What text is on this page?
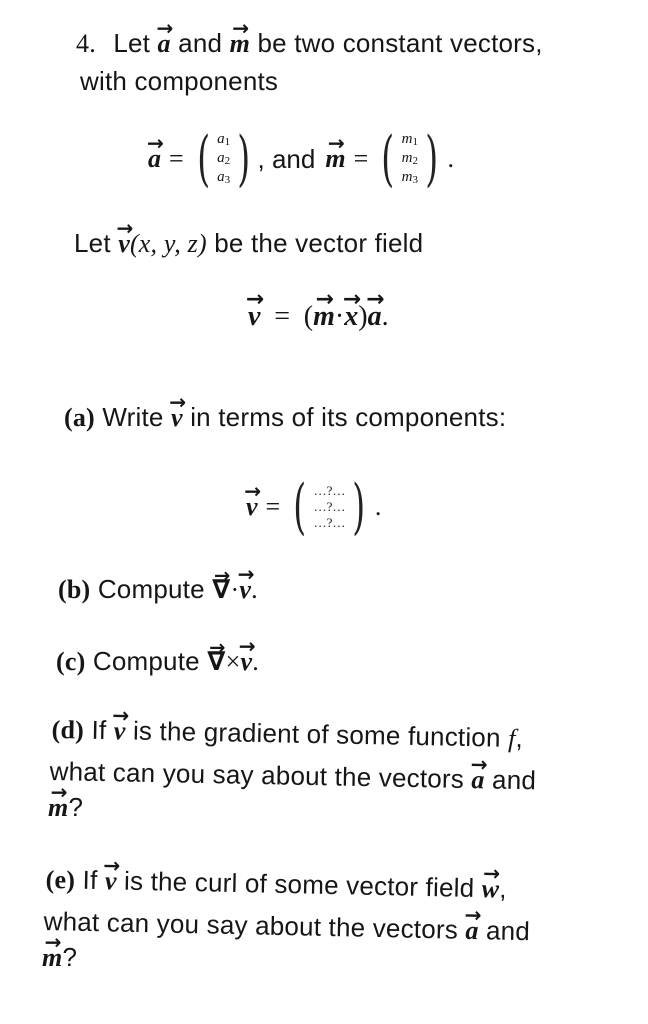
4. Let → a and → m be two constant vectors,
with components
→ a = ( $a_1$
$a_2$
$a_3$ ) , and → m = ( $m_1$
$m_2$
$m_3$ ) .
Let → v(x, y, z) be the vector field
→ v = (→ m·→ x)→ a.
(a) Write → v in terms of its components:
→ v = ( …?…
…?…
…?… ) .
(b) Compute → ∇·→ v.
(c) Compute → ∇×→ v.
(d) If → v is the gradient of some function f,
what can you say about the vectors → a and
→ m?
(e) If → v is the curl of some vector field → w,
what can you say about the vectors → a and
→ m?
